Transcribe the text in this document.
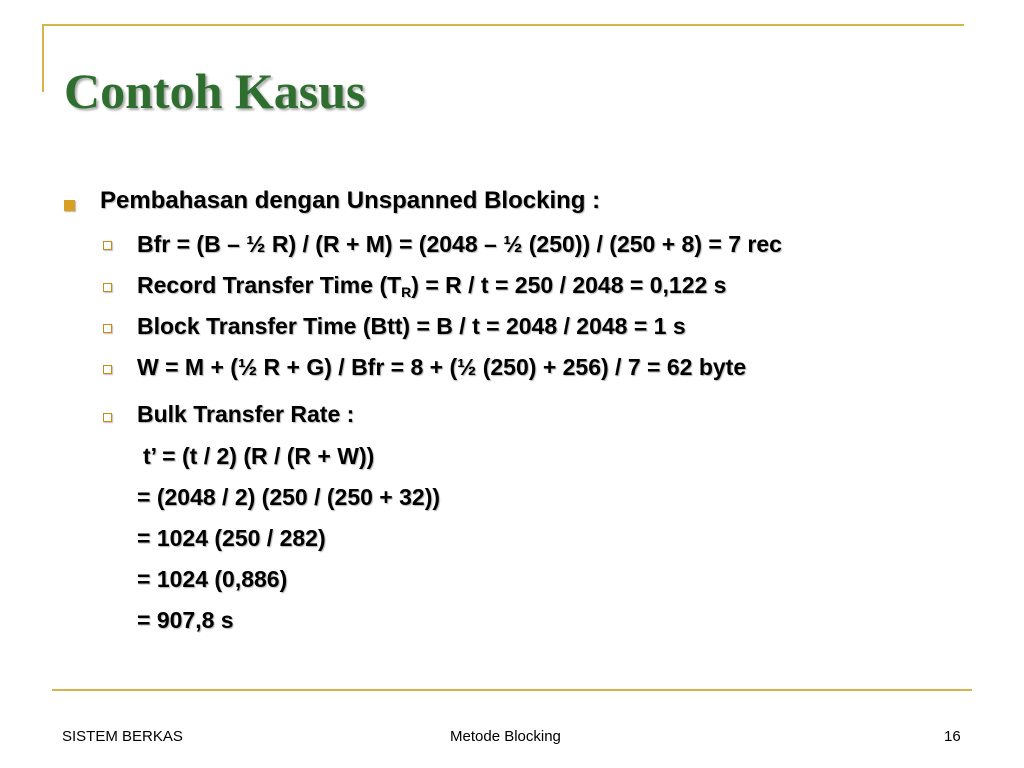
Contoh Kasus
Pembahasan dengan Unspanned Blocking :
Bfr = (B – ½ R) / (R + M) = (2048 – ½ (250)) / (250 + 8) = 7 rec
Record Transfer Time $(T_R) = R / t = 250 / 2048 = 0,122$ s
Block Transfer Time (Btt) = B / t = 2048 / 2048 = 1 s
W = M + (½ R + G) / Bfr = 8 + (½ (250) + 256) / 7 = 62 byte
Bulk Transfer Rate :
t’ = (t / 2) (R / (R + W))
= (2048 / 2) (250 / (250 + 32))
= 1024 (250 / 282)
= 1024 (0,886)
= 907,8 s
SISTEM BERKAS	Metode Blocking	16
